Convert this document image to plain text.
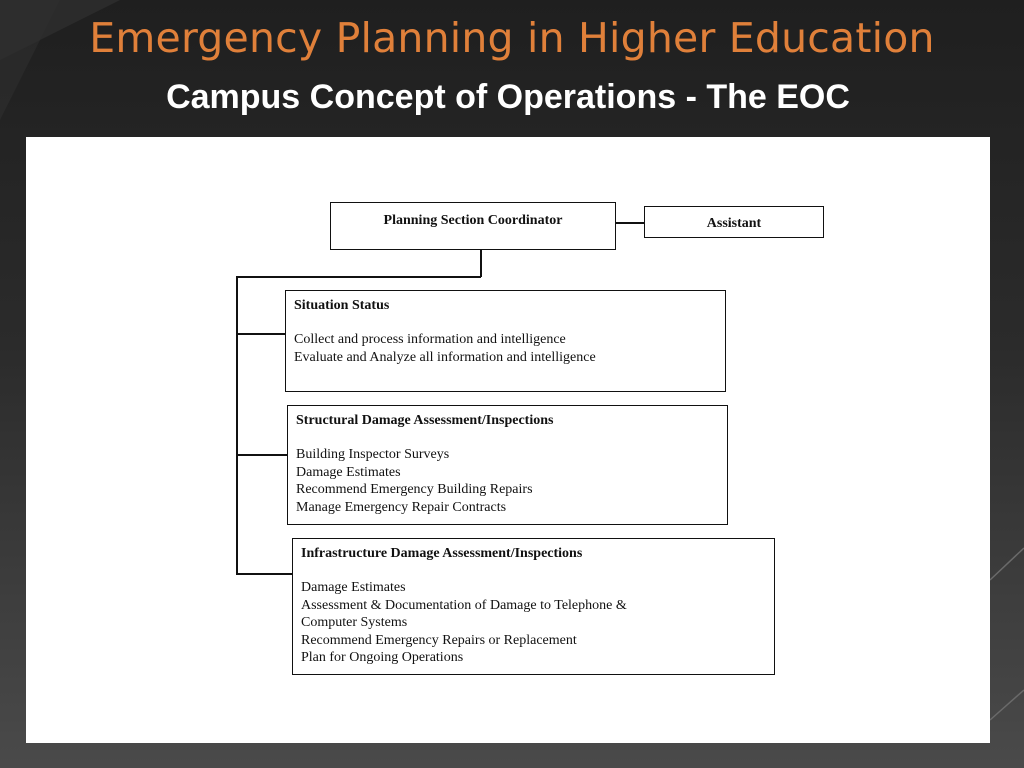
Emergency Planning in Higher Education
Campus Concept of Operations - The EOC
Planning Section Coordinator	Assistant
Situation Status
Collect and process information and intelligence
Evaluate and Analyze all information and intelligence
Structural Damage Assessment/Inspections
Building Inspector Surveys
Damage Estimates
Recommend Emergency Building Repairs
Manage Emergency Repair Contracts
Infrastructure Damage Assessment/Inspections
Damage Estimates
Assessment & Documentation of Damage to Telephone &
Computer Systems
Recommend Emergency Repairs or Replacement
Plan for Ongoing Operations
